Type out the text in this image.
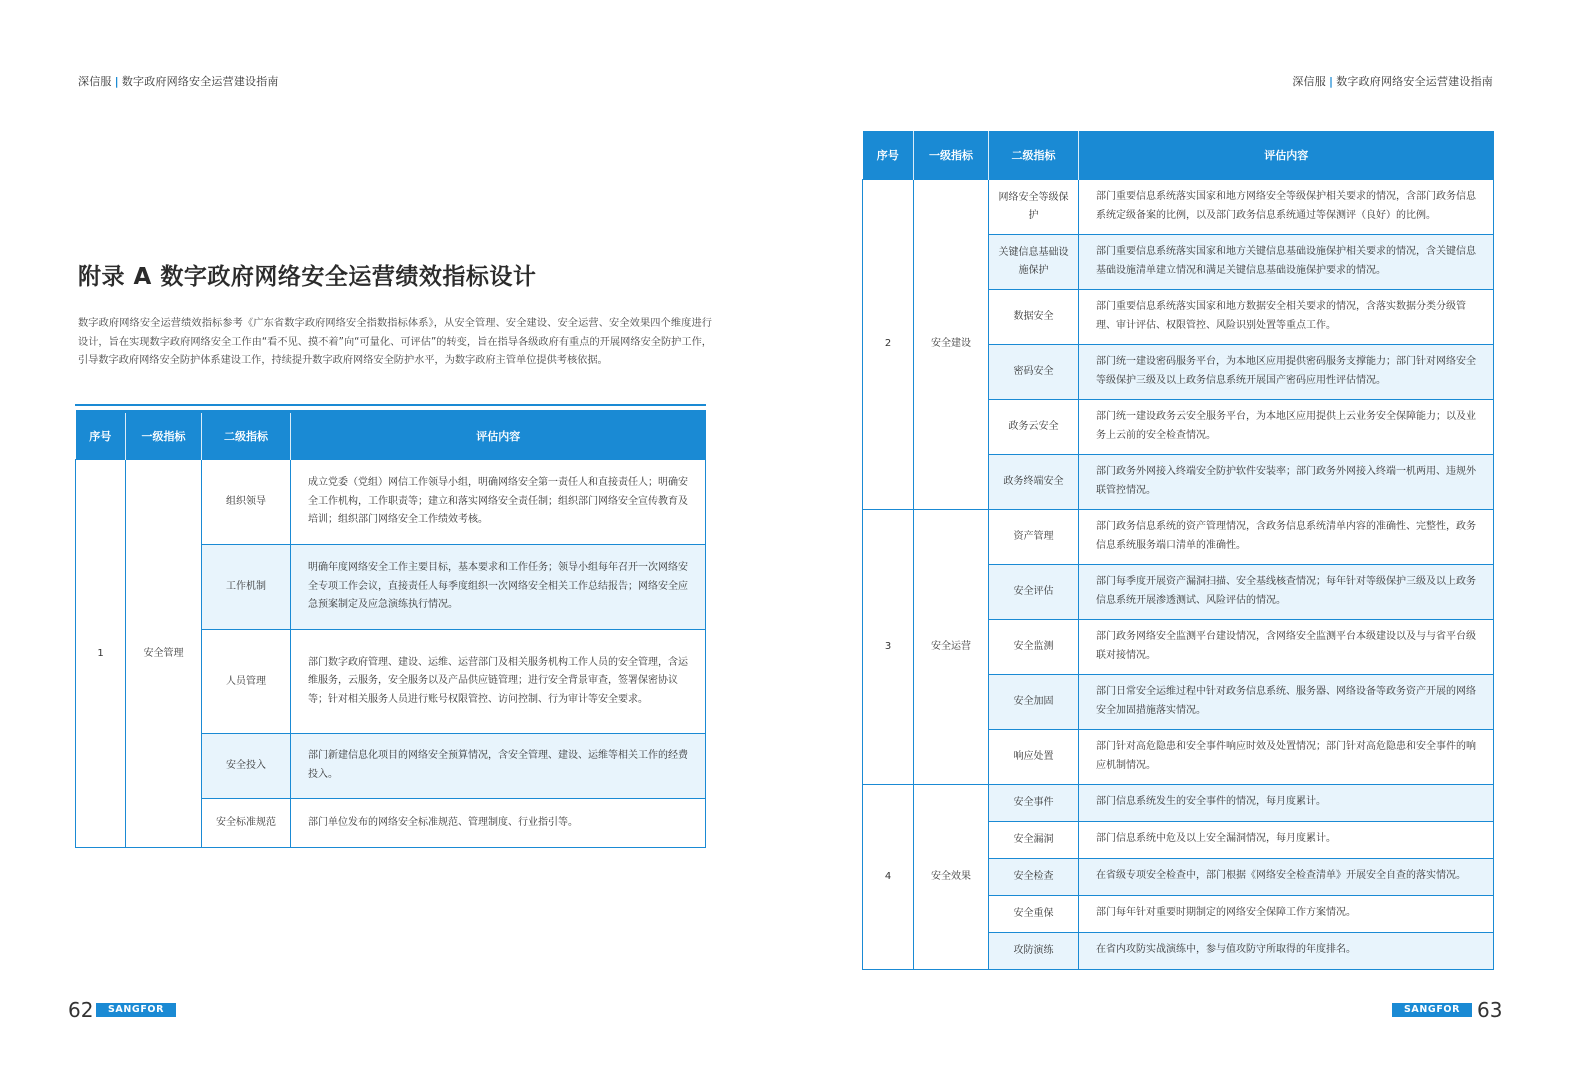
深信服 | 数字政府网络安全运营建设指南	深信服 | 数字政府网络安全运营建设指南
附录 A 数字政府网络安全运营绩效指标设计

数字政府网络安全运营绩效指标参考《广东省数字政府网络安全指数指标体系》，从安全管理、安全建设、安全运营、安全效果四个维度进行设计，旨在实现数字政府网络安全工作由“看不见、摸不着”向“可量化、可评估”的转变，旨在指导各级政府有重点的开展网络安全防护工作，引导数字政府网络安全防护体系建设工作，持续提升数字政府网络安全防护水平，为数字政府主管单位提供考核依据。

序号	一级指标	二级指标	评估内容
1	安全管理	组织领导	成立党委（党组）网信工作领导小组，明确网络安全第一责任人和直接责任人；明确安全工作机构，工作职责等；建立和落实网络安全责任制；组织部门网络安全宣传教育及培训；组织部门网络安全工作绩效考核。
		工作机制	明确年度网络安全工作主要目标，基本要求和工作任务；领导小组每年召开一次网络安全专项工作会议，直接责任人每季度组织一次网络安全相关工作总结报告；网络安全应急预案制定及应急演练执行情况。
		人员管理	部门数字政府管理、建设、运维、运营部门及相关服务机构工作人员的安全管理，含运维服务，云服务，安全服务以及产品供应链管理；进行安全背景审查，签署保密协议等；针对相关服务人员进行账号权限管控、访问控制、行为审计等安全要求。
		安全投入	部门新建信息化项目的网络安全预算情况，含安全管理、建设、运维等相关工作的经费投入。
		安全标准规范	部门单位发布的网络安全标准规范、管理制度、行业指引等。
序号	一级指标	二级指标	评估内容
2	安全建设	网络安全等级保护	部门重要信息系统落实国家和地方网络安全等级保护相关要求的情况，含部门政务信息系统定级备案的比例，以及部门政务信息系统通过等保测评（良好）的比例。
		关键信息基础设施保护	部门重要信息系统落实国家和地方关键信息基础设施保护相关要求的情况，含关键信息基础设施清单建立情况和满足关键信息基础设施保护要求的情况。
		数据安全	部门重要信息系统落实国家和地方数据安全相关要求的情况，含落实数据分类分级管理、审计评估、权限管控、风险识别处置等重点工作。
		密码安全	部门统一建设密码服务平台，为本地区应用提供密码服务支撑能力；部门针对网络安全等级保护三级及以上政务信息系统开展国产密码应用性评估情况。
		政务云安全	部门统一建设政务云安全服务平台，为本地区应用提供上云业务安全保障能力；以及业务上云前的安全检查情况。
		政务终端安全	部门政务外网接入终端安全防护软件安装率；部门政务外网接入终端一机两用、违规外联管控情况。
3	安全运营	资产管理	部门政务信息系统的资产管理情况，含政务信息系统清单内容的准确性、完整性，政务信息系统服务端口清单的准确性。
		安全评估	部门每季度开展资产漏洞扫描、安全基线核查情况；每年针对等级保护三级及以上政务信息系统开展渗透测试、风险评估的情况。
		安全监测	部门政务网络安全监测平台建设情况，含网络安全监测平台本级建设以及与与省平台级联对接情况。
		安全加固	部门日常安全运维过程中针对政务信息系统、服务器、网络设备等政务资产开展的网络安全加固措施落实情况。
		响应处置	部门针对高危隐患和安全事件响应时效及处置情况；部门针对高危隐患和安全事件的响应机制情况。
4	安全效果	安全事件	部门信息系统发生的安全事件的情况，每月度累计。
		安全漏洞	部门信息系统中危及以上安全漏洞情况，每月度累计。
		安全检查	在省级专项安全检查中，部门根据《网络安全检查清单》开展安全自查的落实情况。
		安全重保	部门每年针对重要时期制定的网络安全保障工作方案情况。
		攻防演练	在省内攻防实战演练中，参与值攻防守所取得的年度排名。
62	SANGFOR	SANGFOR 63
